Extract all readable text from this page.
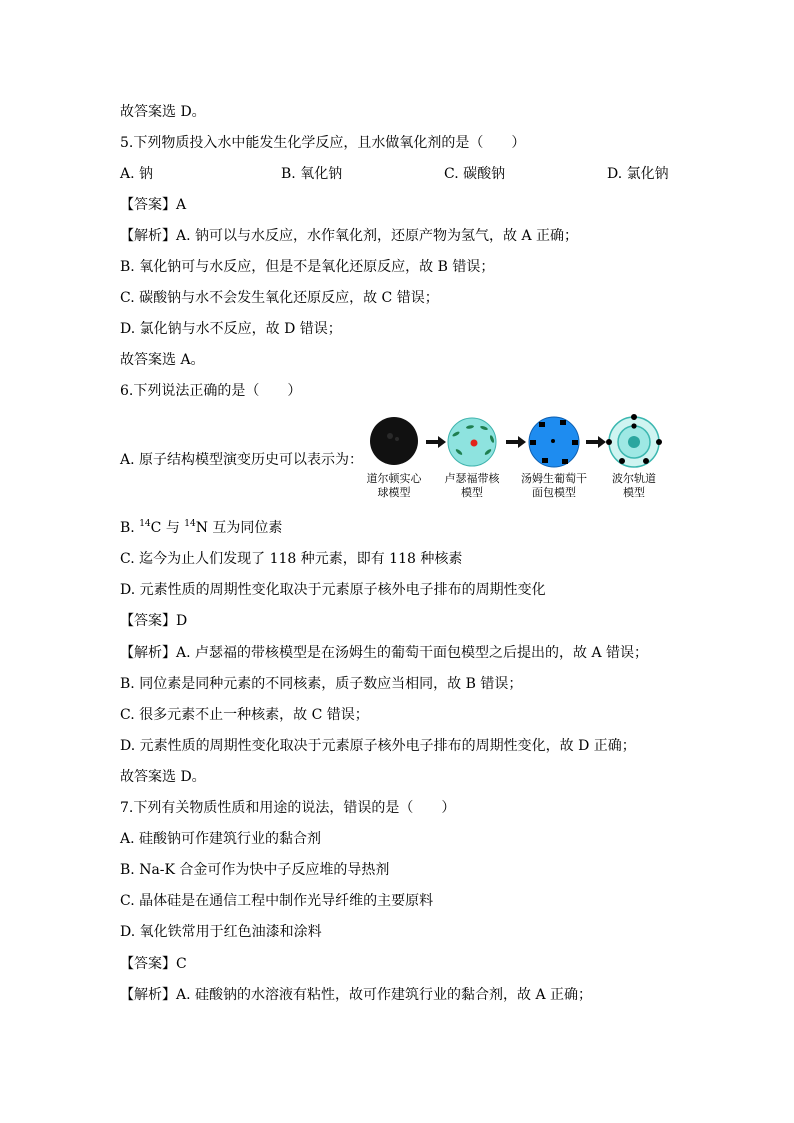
故答案选 D。
5.下列物质投入水中能发生化学反应，且水做氧化剂的是（　　）
A. 钠	B. 氧化钠	C. 碳酸钠	D. 氯化钠
【答案】A
【解析】A. 钠可以与水反应，水作氧化剂，还原产物为氢气，故 A 正确；
B. 氧化钠可与水反应，但是不是氧化还原反应，故 B 错误；
C. 碳酸钠与水不会发生氧化还原反应，故 C 错误；
D. 氯化钠与水不反应，故 D 错误；
故答案选 A。
6.下列说法正确的是（　　）
A. 原子结构模型演变历史可以表示为：
道尔顿实心球模型
卢瑟福带核模型
汤姆生葡萄干面包模型
波尔轨道模型
B. $^{14}$C 与 $^{14}$N 互为同位素
C. 迄今为止人们发现了 118 种元素，即有 118 种核素
D. 元素性质的周期性变化取决于元素原子核外电子排布的周期性变化
【答案】D
【解析】A. 卢瑟福的带核模型是在汤姆生的葡萄干面包模型之后提出的，故 A 错误；
B. 同位素是同种元素的不同核素，质子数应当相同，故 B 错误；
C. 很多元素不止一种核素，故 C 错误；
D. 元素性质的周期性变化取决于元素原子核外电子排布的周期性变化，故 D 正确；
故答案选 D。
7.下列有关物质性质和用途的说法，错误的是（　　）
A. 硅酸钠可作建筑行业的黏合剂
B. Na-K 合金可作为快中子反应堆的导热剂
C. 晶体硅是在通信工程中制作光导纤维的主要原料
D. 氧化铁常用于红色油漆和涂料
【答案】C
【解析】A. 硅酸钠的水溶液有粘性，故可作建筑行业的黏合剂，故 A 正确；
